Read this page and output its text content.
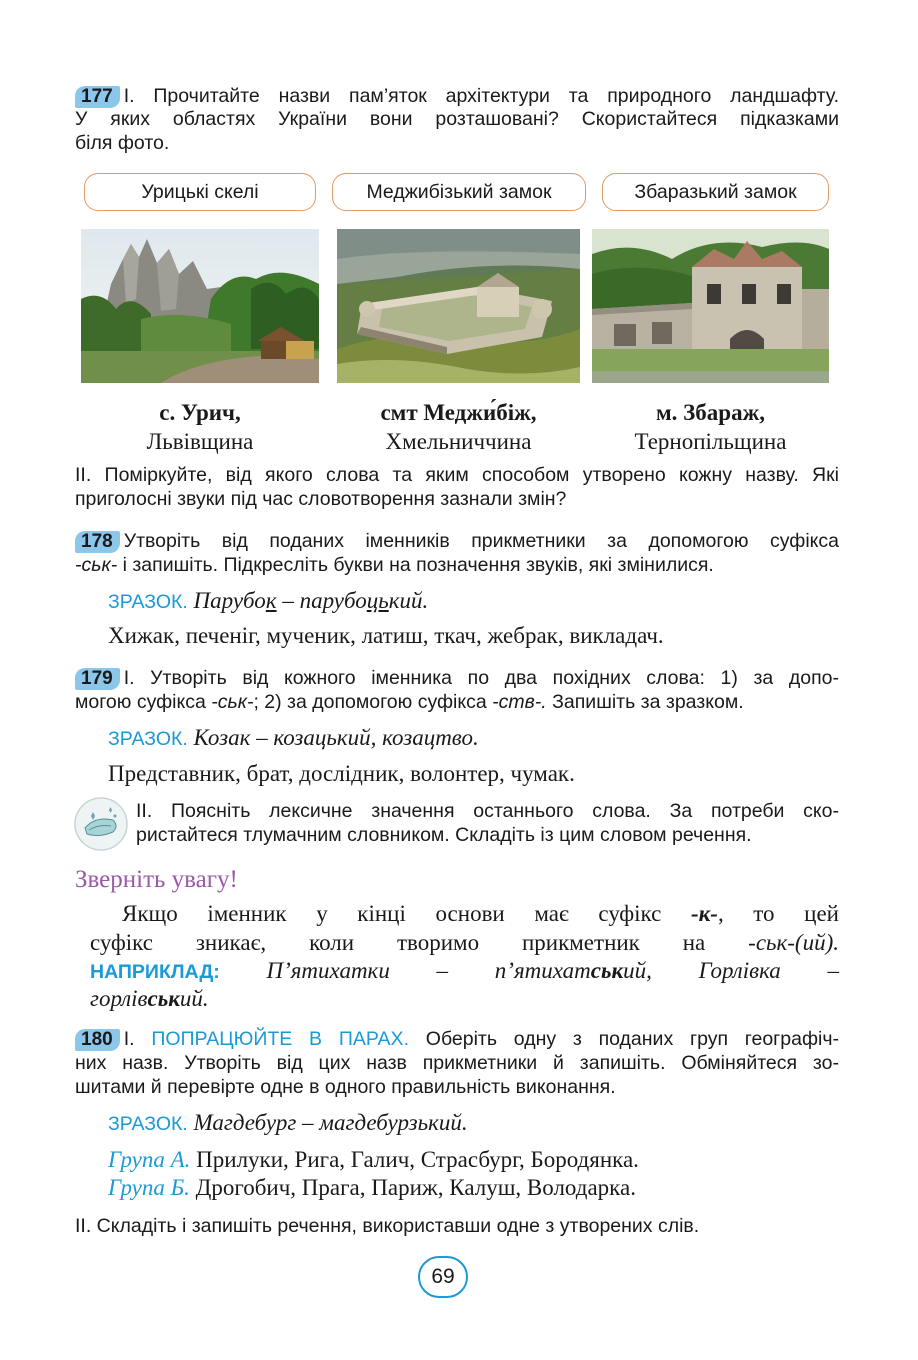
177 І. Прочитайте назви пам’яток архітектури та природного ландшафту.
У яких областях України вони розташовані? Скористайтеся підказками
біля фото.
Урицькі скелі	Меджибізький замок	Збаразький замок
с. Урич,
Львівщина
смт Меджи́біж,
Хмельниччина
м. Збараж,
Тернопільщина
ІІ. Поміркуйте, від якого слова та яким способом утворено кожну назву. Які
приголосні звуки під час словотворення зазнали змін?
178 Утворіть від поданих іменників прикметники за допомогою суфікса
-ськ- і запишіть. Підкресліть букви на позначення звуків, які змінилися.
ЗРАЗОК. Парубок – парубоцький.
Хижак, печеніг, мученик, латиш, ткач, жебрак, викладач.
179 І. Утворіть від кожного іменника по два похідних слова: 1) за допо-
могою суфікса -ськ-; 2) за допомогою суфікса -ств-. Запишіть за зразком.
ЗРАЗОК. Козак – козацький, козацтво.
Представник, брат, дослідник, волонтер, чумак.
ІІ. Поясніть лексичне значення останнього слова. За потреби ско-
ристайтеся тлумачним словником. Складіть із цим словом речення.
Зверніть увагу!
Якщо іменник у кінці основи має суфікс -к-, то цей
суфікс зникає, коли творимо прикметник на -ськ-(ий).
НАПРИКЛАД: П’ятихатки – п’ятихатський, Горлівка –
горлівський.
180 І. ПОПРАЦЮЙТЕ В ПАРАХ. Оберіть одну з поданих груп географіч-
них назв. Утворіть від цих назв прикметники й запишіть. Обміняйтеся зо-
шитами й перевірте одне в одного правильність виконання.
ЗРАЗОК. Магдебург – магдебурзький.
Група А. Прилуки, Рига, Галич, Страсбург, Бородянка.
Група Б. Дрогобич, Прага, Париж, Калуш, Володарка.
ІІ. Складіть і запишіть речення, використавши одне з утворених слів.
69
